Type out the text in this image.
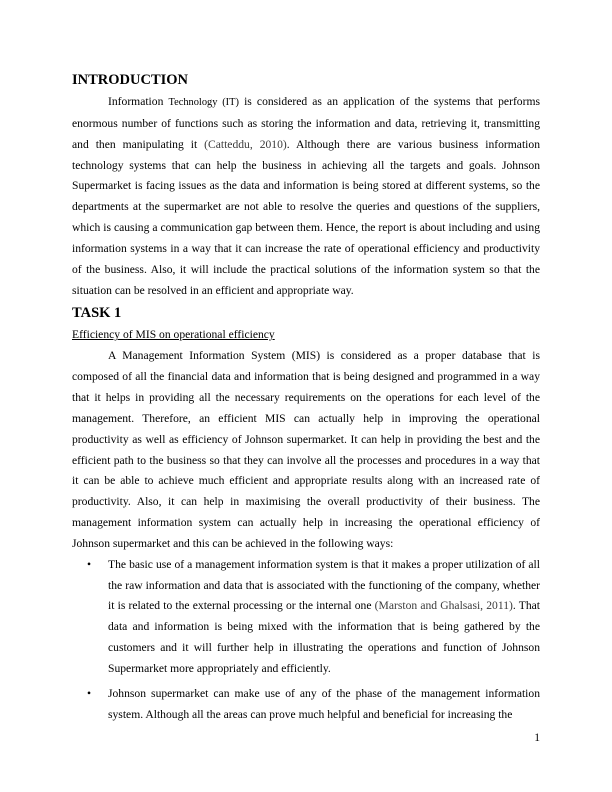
INTRODUCTION

Information Technology (IT) is considered as an application of the systems that performs enormous number of functions such as storing the information and data, retrieving it, transmitting and then manipulating it (Catteddu, 2010). Although there are various business information technology systems that can help the business in achieving all the targets and goals. Johnson Supermarket is facing issues as the data and information is being stored at different systems, so the departments at the supermarket are not able to resolve the queries and questions of the suppliers, which is causing a communication gap between them. Hence, the report is about including and using information systems in a way that it can increase the rate of operational efficiency and productivity of the business. Also, it will include the practical solutions of the information system so that the situation can be resolved in an efficient and appropriate way.

TASK 1

Efficiency of MIS on operational efficiency

A Management Information System (MIS) is considered as a proper database that is composed of all the financial data and information that is being designed and programmed in a way that it helps in providing all the necessary requirements on the operations for each level of the management. Therefore, an efficient MIS can actually help in improving the operational productivity as well as efficiency of Johnson supermarket. It can help in providing the best and the efficient path to the business so that they can involve all the processes and procedures in a way that it can be able to achieve much efficient and appropriate results along with an increased rate of productivity. Also, it can help in maximising the overall productivity of their business. The management information system can actually help in increasing the operational efficiency of Johnson supermarket and this can be achieved in the following ways:

• The basic use of a management information system is that it makes a proper utilization of all the raw information and data that is associated with the functioning of the company, whether it is related to the external processing or the internal one (Marston and Ghalsasi, 2011). That data and information is being mixed with the information that is being gathered by the customers and it will further help in illustrating the operations and function of Johnson Supermarket more appropriately and efficiently.
• Johnson supermarket can make use of any of the phase of the management information system. Although all the areas can prove much helpful and beneficial for increasing the
1
